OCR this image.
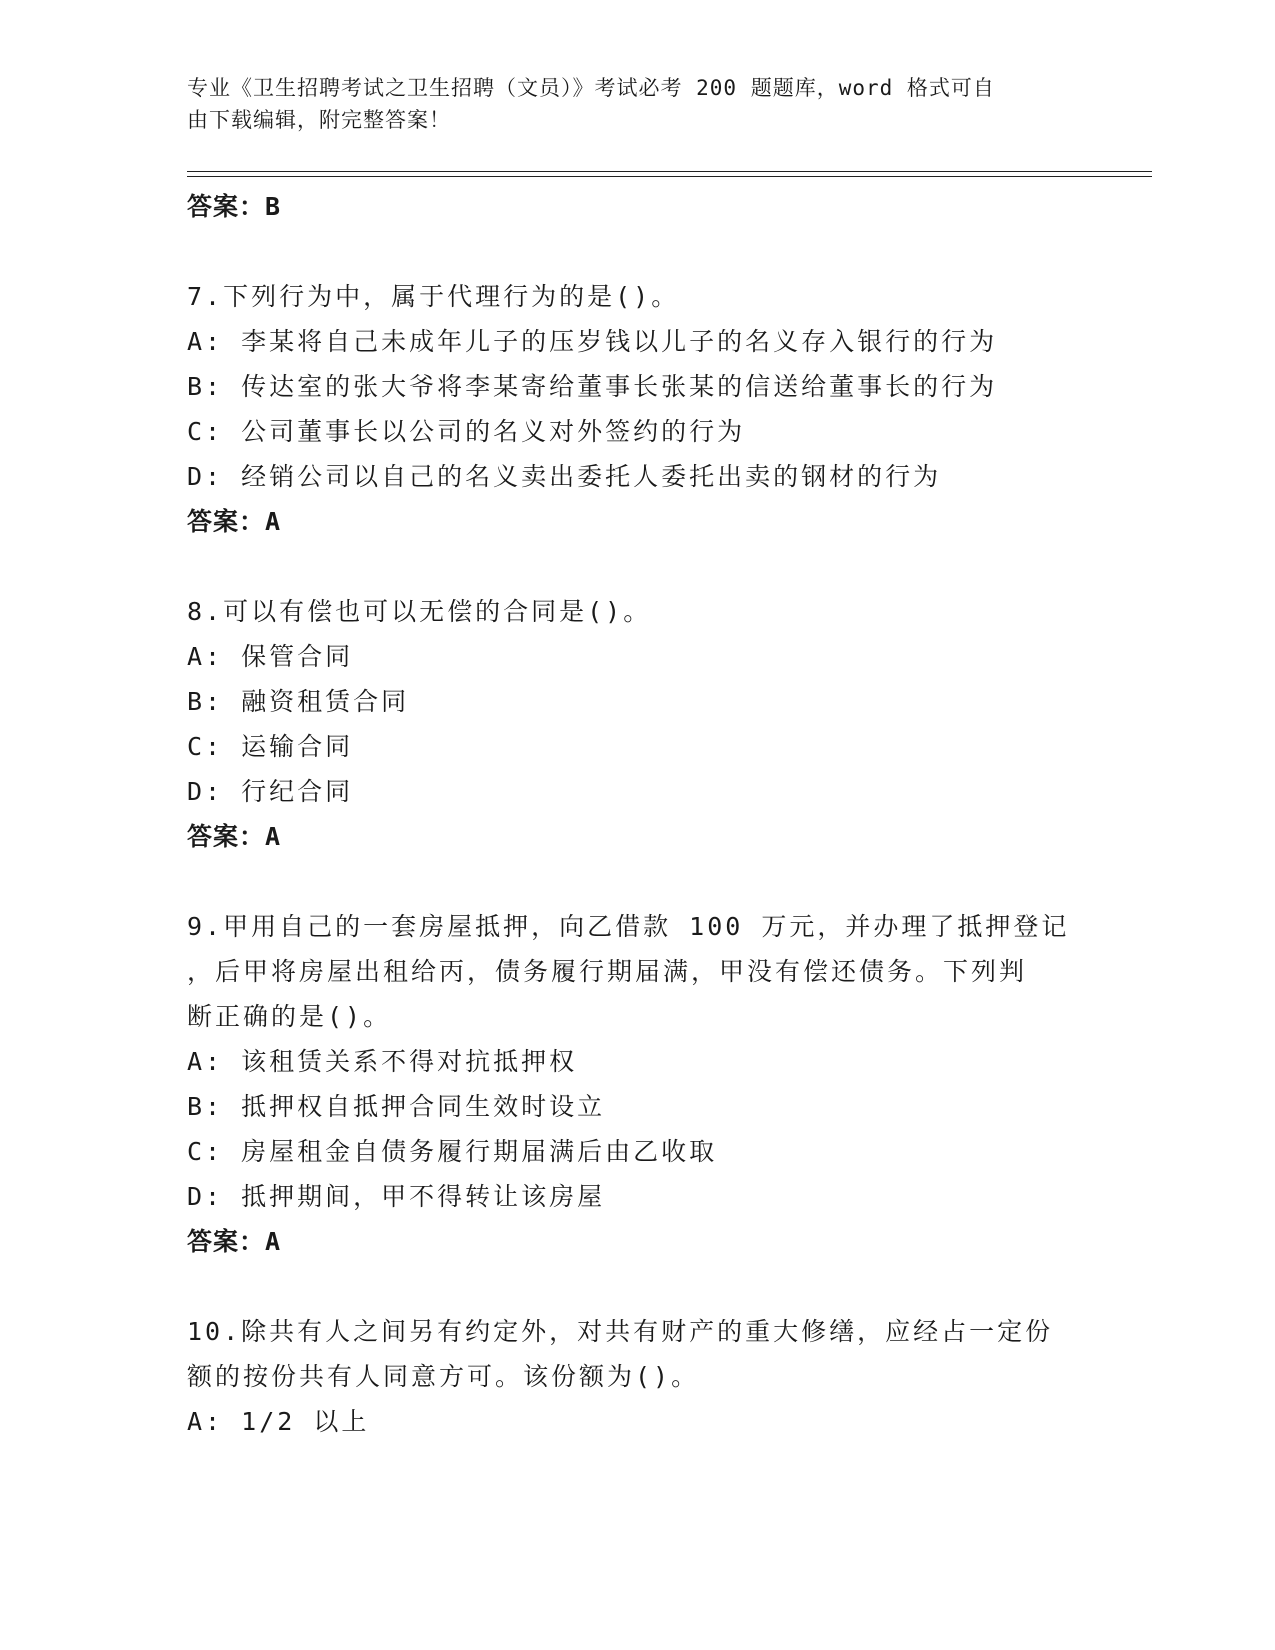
专业《卫生招聘考试之卫生招聘（文员）》考试必考 200 题题库，word 格式可自
由下载编辑，附完整答案！
答案：B
7.下列行为中，属于代理行为的是()。
A: 李某将自己未成年儿子的压岁钱以儿子的名义存入银行的行为
B: 传达室的张大爷将李某寄给董事长张某的信送给董事长的行为
C: 公司董事长以公司的名义对外签约的行为
D: 经销公司以自己的名义卖出委托人委托出卖的钢材的行为
答案：A
8.可以有偿也可以无偿的合同是()。
A: 保管合同
B: 融资租赁合同
C: 运输合同
D: 行纪合同
答案：A
9.甲用自己的一套房屋抵押，向乙借款 100 万元，并办理了抵押登记
，后甲将房屋出租给丙，债务履行期届满，甲没有偿还债务。下列判
断正确的是()。
A: 该租赁关系不得对抗抵押权
B: 抵押权自抵押合同生效时设立
C: 房屋租金自债务履行期届满后由乙收取
D: 抵押期间，甲不得转让该房屋
答案：A
10.除共有人之间另有约定外，对共有财产的重大修缮，应经占一定份
额的按份共有人同意方可。该份额为()。
A: 1/2 以上
